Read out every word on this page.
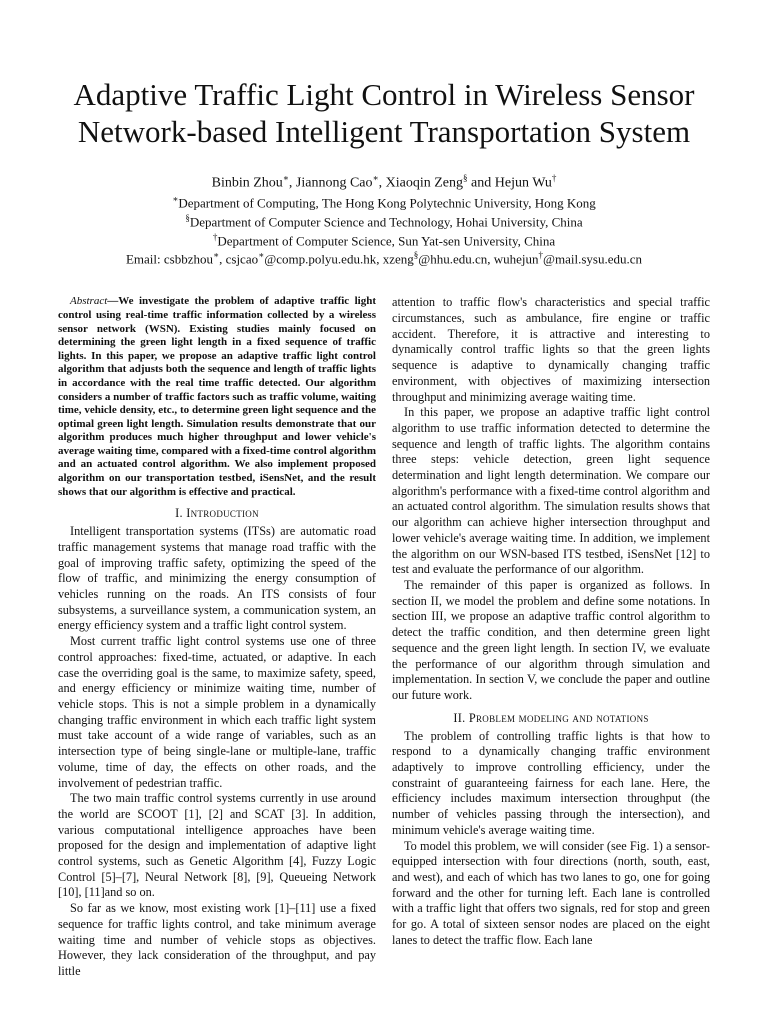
Adaptive Traffic Light Control in Wireless Sensor
Network-based Intelligent Transportation System
Binbin Zhou∗, Jiannong Cao∗, Xiaoqin Zeng§ and Hejun Wu†
∗Department of Computing, The Hong Kong Polytechnic University, Hong Kong
§Department of Computer Science and Technology, Hohai University, China
†Department of Computer Science, Sun Yat-sen University, China
Email: csbbzhou∗, csjcao∗@comp.polyu.edu.hk, xzeng§@hhu.edu.cn, wuhejun†@mail.sysu.edu.cn

Abstract—We investigate the problem of adaptive traffic light control using real-time traffic information collected by a wireless sensor network (WSN). Existing studies mainly focused on determining the green light length in a fixed sequence of traffic lights. In this paper, we propose an adaptive traffic light control algorithm that adjusts both the sequence and length of traffic lights in accordance with the real time traffic detected. Our algorithm considers a number of traffic factors such as traffic volume, waiting time, vehicle density, etc., to determine green light sequence and the optimal green light length. Simulation results demonstrate that our algorithm produces much higher throughput and lower vehicle's average waiting time, compared with a fixed-time control algorithm and an actuated control algorithm. We also implement proposed algorithm on our transportation testbed, iSensNet, and the result shows that our algorithm is effective and practical.

I. Introduction

Intelligent transportation systems (ITSs) are automatic road traffic management systems that manage road traffic with the goal of improving traffic safety, optimizing the speed of the flow of traffic, and minimizing the energy consumption of vehicles running on the roads. An ITS consists of four subsystems, a surveillance system, a communication system, an energy efficiency system and a traffic light control system.

Most current traffic light control systems use one of three control approaches: fixed-time, actuated, or adaptive. In each case the overriding goal is the same, to maximize safety, speed, and energy efficiency or minimize waiting time, number of vehicle stops. This is not a simple problem in a dynamically changing traffic environment in which each traffic light system must take account of a wide range of variables, such as an intersection type of being single-lane or multiple-lane, traffic volume, time of day, the effects on other roads, and the involvement of pedestrian traffic.

The two main traffic control systems currently in use around the world are SCOOT [1], [2] and SCAT [3]. In addition, various computational intelligence approaches have been proposed for the design and implementation of adaptive light control systems, such as Genetic Algorithm [4], Fuzzy Logic Control [5]–[7], Neural Network [8], [9], Queueing Network [10], [11]and so on.

So far as we know, most existing work [1]–[11] use a fixed sequence for traffic lights control, and take minimum average waiting time and number of vehicle stops as objectives. However, they lack consideration of the throughput, and pay little

attention to traffic flow's characteristics and special traffic circumstances, such as ambulance, fire engine or traffic accident. Therefore, it is attractive and interesting to dynamically control traffic lights so that the green lights sequence is adaptive to dynamically changing traffic environment, with objectives of maximizing intersection throughput and minimizing average waiting time.

In this paper, we propose an adaptive traffic light control algorithm to use traffic information detected to determine the sequence and length of traffic lights. The algorithm contains three steps: vehicle detection, green light sequence determination and light length determination. We compare our algorithm's performance with a fixed-time control algorithm and an actuated control algorithm. The simulation results shows that our algorithm can achieve higher intersection throughput and lower vehicle's average waiting time. In addition, we implement the algorithm on our WSN-based ITS testbed, iSensNet [12] to test and evaluate the performance of our algorithm.

The remainder of this paper is organized as follows. In section II, we model the problem and define some notations. In section III, we propose an adaptive traffic control algorithm to detect the traffic condition, and then determine green light sequence and the green light length. In section IV, we evaluate the performance of our algorithm through simulation and implementation. In section V, we conclude the paper and outline our future work.

II. Problem modeling and notations

The problem of controlling traffic lights is that how to respond to a dynamically changing traffic environment adaptively to improve controlling efficiency, under the constraint of guaranteeing fairness for each lane. Here, the efficiency includes maximum intersection throughput (the number of vehicles passing through the intersection), and minimum vehicle's average waiting time.

To model this problem, we will consider (see Fig. 1) a sensor-equipped intersection with four directions (north, south, east, and west), and each of which has two lanes to go, one for going forward and the other for turning left. Each lane is controlled with a traffic light that offers two signals, red for stop and green for go. A total of sixteen sensor nodes are placed on the eight lanes to detect the traffic flow. Each lane
